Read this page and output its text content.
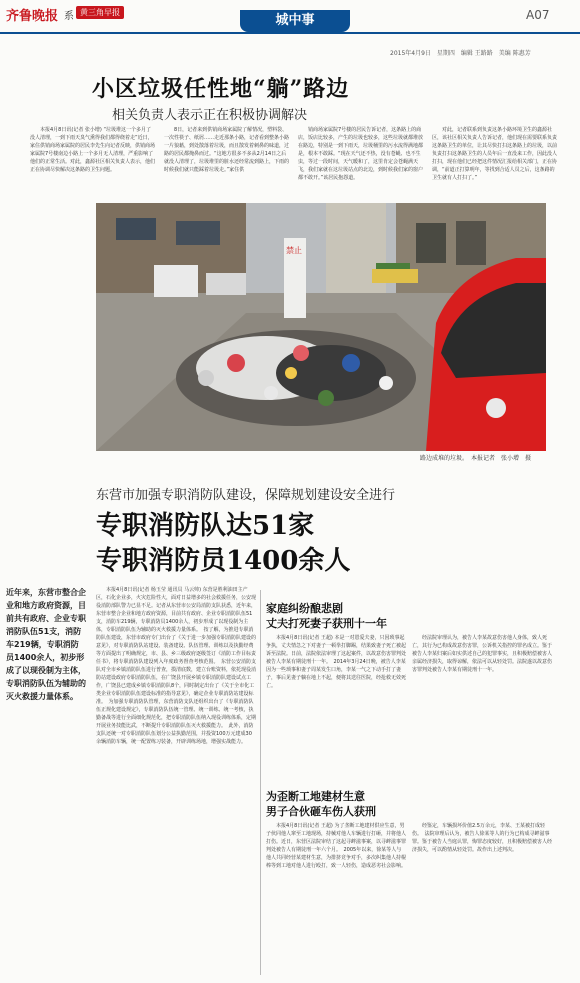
齐鲁晚报 系 黄三角早报
城中事	A07
2015年4月9日　星期四　编辑 王路路　美编 陈惠芳
小区垃圾任性地“躺”路边
相关负责人表示正在积极协调解决
本报4月8日讯(记者 张小增) “垃圾堆这一个多月了没人清理，一到下雨天臭气熏得我们都得绕着走”近日，家住供销商场家属院的居民李先生向记者反映，供销商场家属院7号楼南边小路上一个多月无人清理，严重影响了他们的正常生活。对此，鑫源社区相关负责人表示，他们正在协调尽快解决这条路的卫生问题。
8日，记者来到供销商场家属院了解情况，塑料袋、一次性筷子、纸屑……走近那条小路，记者看到整条小路一片狼藉，到处散落着垃圾，而且散发着刺鼻的味道，过路的居民都掩鼻而过。“这地方很多不多从2月14日之后就没人清理了，垃圾堆里的脏水还经常流到路上，下雨的时候我们就只能踩着垃圾走。”家住供
销商场家属院7号楼的居民告诉记者，这条路上的商店，饭店比较多，产生的垃圾也较多，这些垃圾就都堆放在路边，特别是一到下雨天，垃圾桶里的污水流得满地都是，根本不敢踩。“现在天气还不热，没有苍蝇、也不生虫，等过一段时间，天气暖和了，这里肯定会苍蝇满天飞，我们家就在这垃圾站点的北边，到时候我们家的窗户都不敢开。”该居民抱怨道。
对此，记者联系到负责这条小路环境卫生的鑫源社区，该社区相关负责人告诉记者，他们现在需要联系负责这条路卫生的单位，让其尽快打扫这条路上的垃圾，以前负责打扫这条路卫生的人员年后一直没来工作，因此没人打扫，现在他们已经把这件情况汇报给相关部门，正在协调，“前道正打算明年，等找到合适人员之后，这条路的卫生就有人打扫了。”
禁止
路边成堆的垃圾。　本报记者　张小增　摄
东营市加强专职消防队建设，保障规划建设安全进行
专职消防队达51家
专职消防员1400余人
近年来，东营市整合企业和地方政府资源，目前共有政府、企业专职消防队伍51支，消防车219辆，专职消防员1400余人，初步形成了以现役制为主体，专职消防队伍为辅助的灭火救援力量体系。
本报4月8日讯(记者 杨玉莹 通讯员 马云帅) 东营是胜利油田主产区，石化企业多，火灾危险性大，面对日益增多的社会救援任务，公安现役消防部队警力已显不足。记者从东营市公安局消防支队获悉，近年来，东营市整合企业和地方政府资源，目前共有政府、企业专职消防队伍51支，消防车219辆，专职消防员1400余人，初步形成了以现役制为主体，专职消防队伍为辅助的灭火救援力量体系。　按了解，为推进专职消防队伍建设，东营市政府专门出台了《关于进一步加强专职消防队建设的意见》，对专职消防队站建设、装备建设、队伍管理、训练以及执勤经费等方面提出了明确规定，市、县、乡三级政府逐级签订《消防工作目标责任书》，将专职消防队建设列入年度政务督查考核范围。　东营公安消防支队对全市乡镇消防队伍进行普查，摸清底数，建立台账资料，依托现役消防站建设政府专职消防队伍，在广饶县开展乡镇专职消防队建设试点工作，广饶县已建成乡镇专职消防队8个，同时制定出台了《关于全市化工类企业专职消防队伍建设标准的指导意见》，确定企业专职消防站建设标准。　为加强专职消防队管理，东营消防支队还组织出台了《专职消防队伍正规化建设规定》，专职消防队伍统一管理、统一训练、统一考核，执勤备战等进行全面细化规范化，把专职消防队伍纳入现役训练体系，定期开展业务技能比武，不断提升专职消防队伍灭火救援能力。　此外，消防支队还统一对专职消防队伍划分公益执勤范围，并投资100万元建成30余辆消防车辆，统一配置练习装备，开辟训练场地，增强实战能力。
家庭纠纷酿悲剧
丈夫打死妻子获刑十一年
本报4月8日讯(记者 王超) 本是一对恩爱夫妻，只因琐事起争执，丈夫情急之下对妻子一顿拳打脚踢，结果致妻子死亡被起诉至法院。日前，法院依法审理了这起案件，以故意伤害罪判处被告人李某有期徒刑十一年。　2014年3月24日晚，被告人李某因为一些琐事和妻子周某发生口角，李某一气之下动手打了妻子，事后见妻子躺在地上不起，便将其送往医院，经抢救无效死亡。
经法院审理认为，被告人李某故意伤害他人身体，致人死亡，其行为已构成故意伤害罪，公诉机关指控的罪名成立。鉴于被告人李某归案后如实供述自己的犯罪事实，且积极赔偿被害人亲属经济损失，取得谅解，依法可以从轻处罚。法院遂以故意伤害罪判处被告人李某有期徒刑十一年。
为歪断工地建材生意
男子合伙砸车伤人获刑
本报4月8日讯(记者 王超) 为了垄断工地建材供应生意，男子伙同他人窜至工地现场，持械对他人车辆进行打砸，并将他人打伤。近日，东营区法院审结了这起寻衅滋事案，以寻衅滋事罪判处被告人有期徒刑一年六个月。　2005年以来，徐某等人与他人共同经营某建材生意，为排挤竞争对手，多次纠集他人持棍棒等到工地对他人进行殴打，致一人轻伤，造成恶劣社会影响。
经鉴定，车辆损坏价值2.5万余元，李某、王某被打成轻伤。　法院审理后认为，被告人徐某等人的行为已构成寻衅滋事罪。鉴于被告人当庭认罪，悔罪态度较好，且积极赔偿被害人经济损失，可以酌情从轻处罚。故作出上述判决。
